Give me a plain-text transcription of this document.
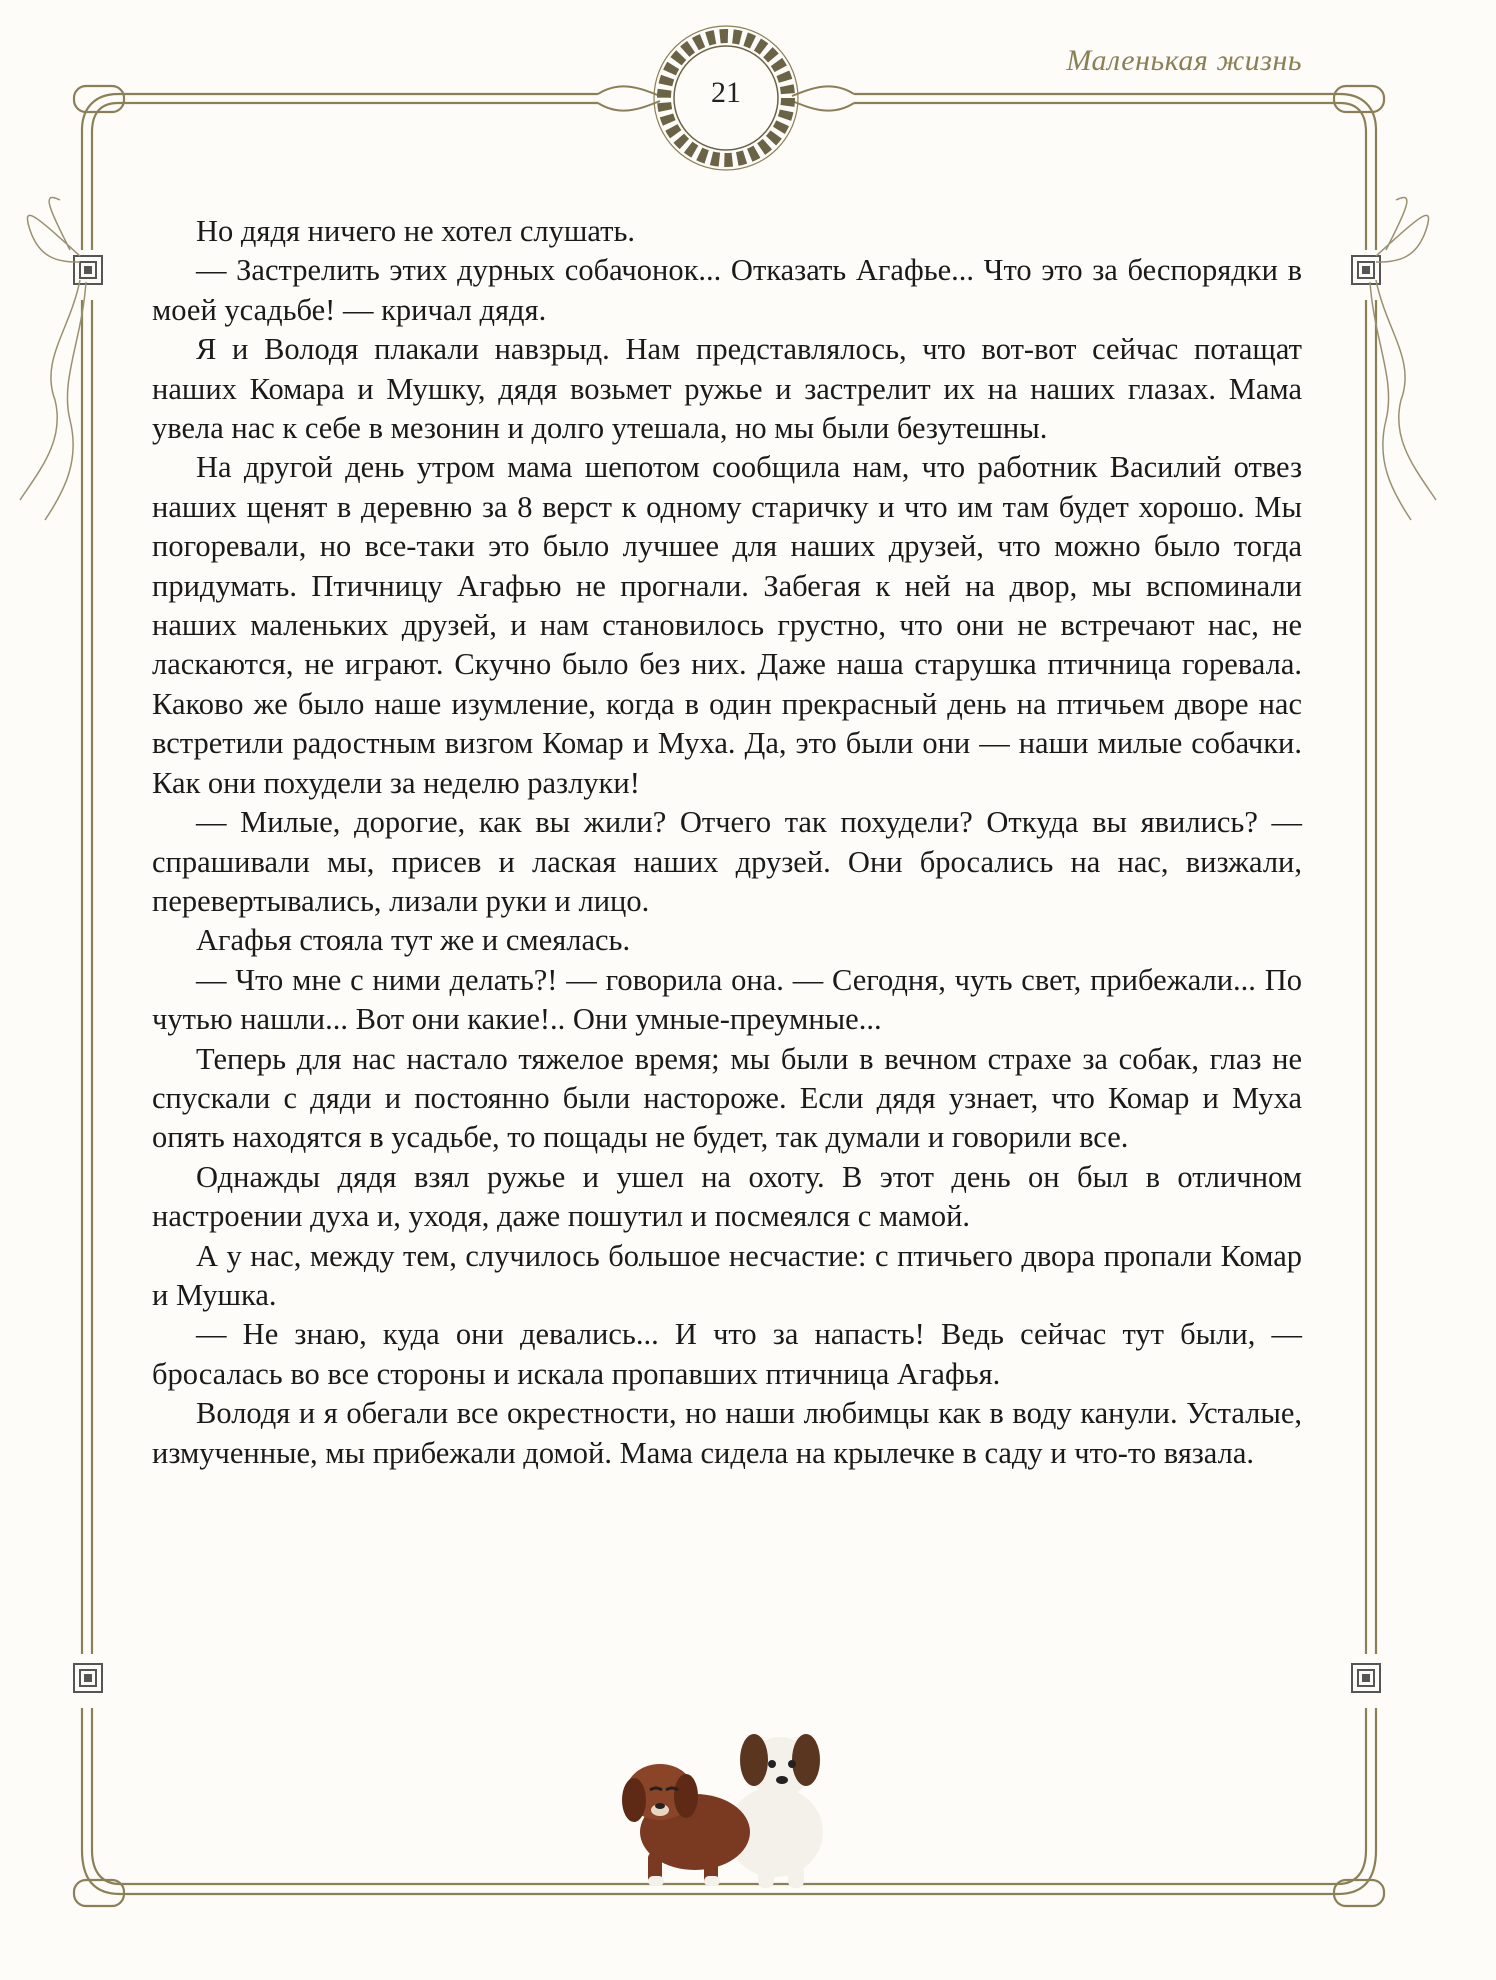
Маленькая жизнь
21

Но дядя ничего не хотел слушать.

— Застрелить этих дурных собачонок... Отказать Агафье... Что это за беспорядки в моей усадьбе! — кричал дядя.

Я и Володя плакали навзрыд. Нам представлялось, что вот-вот сейчас потащат наших Комара и Мушку, дядя возьмет ружье и застрелит их на наших глазах. Мама увела нас к себе в мезонин и долго утешала, но мы были безутешны.

На другой день утром мама шепотом сообщила нам, что работник Василий отвез наших щенят в деревню за 8 верст к одному старичку и что им там будет хорошо. Мы погоревали, но все-таки это было лучшее для наших друзей, что можно было тогда придумать. Птичницу Агафью не прогнали. Забегая к ней на двор, мы вспоминали наших маленьких друзей, и нам становилось грустно, что они не встречают нас, не ласкаются, не играют. Скучно было без них. Даже наша старушка птичница горевала. Каково же было наше изумление, когда в один прекрасный день на птичьем дворе нас встретили радостным визгом Комар и Муха. Да, это были они — наши милые собачки. Как они похудели за неделю разлуки!

— Милые, дорогие, как вы жили? Отчего так похудели? Откуда вы явились? — спрашивали мы, присев и лаская наших друзей. Они бросались на нас, визжали, перевертывались, лизали руки и лицо.

Агафья стояла тут же и смеялась.

— Что мне с ними делать?! — говорила она. — Сегодня, чуть свет, прибежали... По чутью нашли... Вот они какие!.. Они умные-преумные...

Теперь для нас настало тяжелое время; мы были в вечном страхе за собак, глаз не спускали с дяди и постоянно были настороже. Если дядя узнает, что Комар и Муха опять находятся в усадьбе, то пощады не будет, так думали и говорили все.

Однажды дядя взял ружье и ушел на охоту. В этот день он был в отличном настроении духа и, уходя, даже пошутил и посмеялся с мамой.

А у нас, между тем, случилось большое несчастие: с птичьего двора пропали Комар и Мушка.

— Не знаю, куда они девались... И что за напасть! Ведь сейчас тут были, — бросалась во все стороны и искала пропавших птичница Агафья.

Володя и я обегали все окрестности, но наши любимцы как в воду канули. Усталые, измученные, мы прибежали домой. Мама сидела на крылечке в саду и что-то вязала.
